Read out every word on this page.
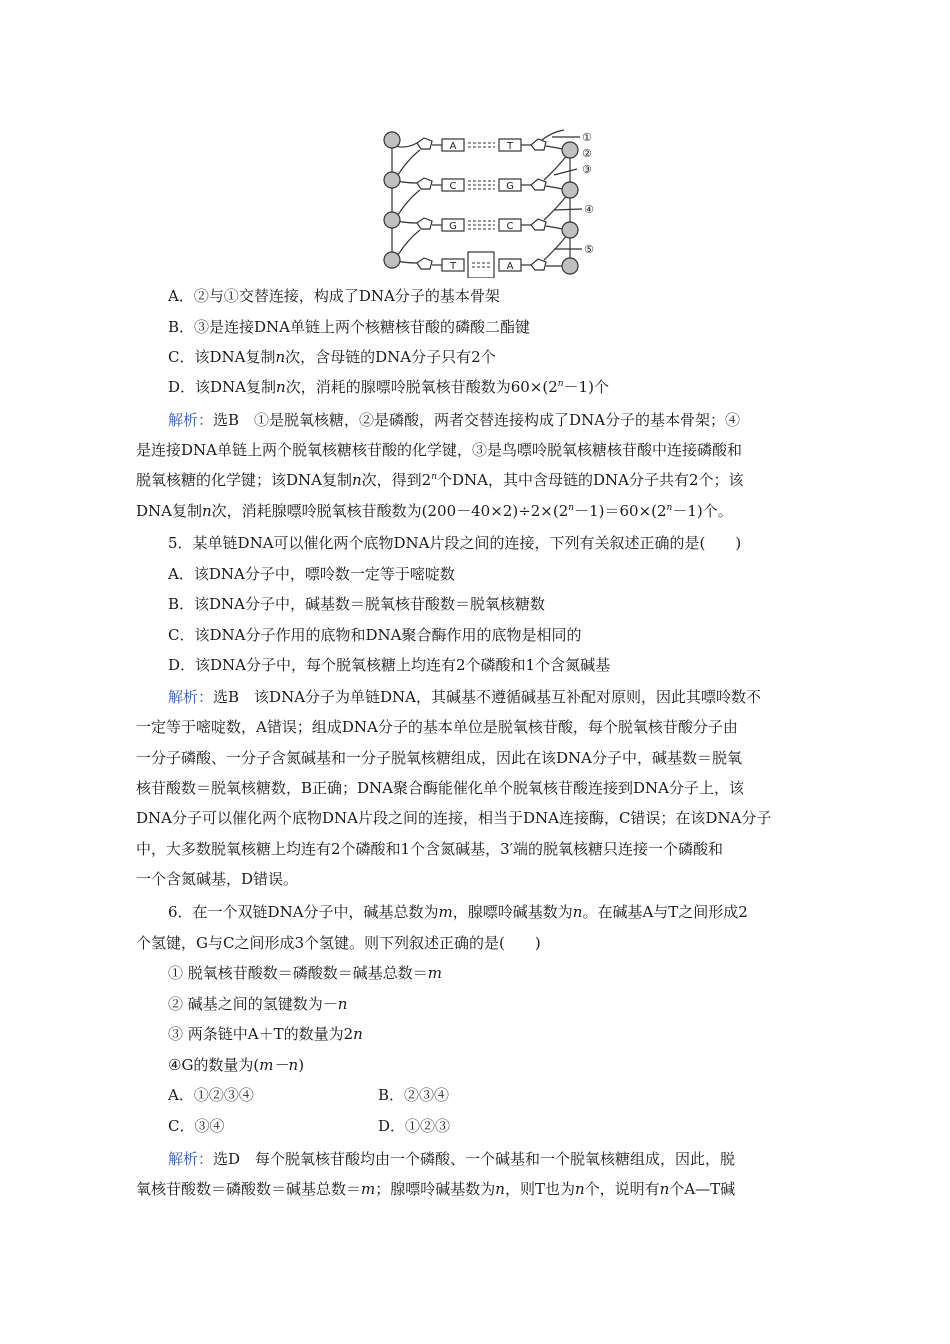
A
C
G
T
T
G
C
A
①
②
③
④
⑤
A．②与①交替连接，构成了DNA分子的基本骨架
B．③是连接DNA单链上两个核糖核苷酸的磷酸二酯键
C．该DNA复制n次，含母链的DNA分子只有2个
D．该DNA复制n次，消耗的腺嘌呤脱氧核苷酸数为$60\times(2^n-1)$个
解析：选B　①是脱氧核糖，②是磷酸，两者交替连接构成了DNA分子的基本骨架；④
是连接DNA单链上两个脱氧核糖核苷酸的化学键，③是鸟嘌呤脱氧核糖核苷酸中连接磷酸和
脱氧核糖的化学键；该DNA复制n次，得到2$^n$个DNA，其中含母链的DNA分子共有2个；该
DNA复制n次，消耗腺嘌呤脱氧核苷酸数为$(200-40\times 2)\div 2\times(2^n-1)=60\times(2^n-1)$个。
5．某单链DNA可以催化两个底物DNA片段之间的连接，下列有关叙述正确的是(　　)
A．该DNA分子中，嘌呤数一定等于嘧啶数
B．该DNA分子中，碱基数＝脱氧核苷酸数＝脱氧核糖数
C．该DNA分子作用的底物和DNA聚合酶作用的底物是相同的
D．该DNA分子中，每个脱氧核糖上均连有2个磷酸和1个含氮碱基
解析：选B　该DNA分子为单链DNA，其碱基不遵循碱基互补配对原则，因此其嘌呤数不
一定等于嘧啶数，A错误；组成DNA分子的基本单位是脱氧核苷酸，每个脱氧核苷酸分子由
一分子磷酸、一分子含氮碱基和一分子脱氧核糖组成，因此在该DNA分子中，碱基数＝脱氧
核苷酸数＝脱氧核糖数，B正确；DNA聚合酶能催化单个脱氧核苷酸连接到DNA分子上，该
DNA分子可以催化两个底物DNA片段之间的连接，相当于DNA连接酶，C错误；在该DNA分子
中，大多数脱氧核糖上均连有2个磷酸和1个含氮碱基，3′端的脱氧核糖只连接一个磷酸和
一个含氮碱基，D错误。
6．在一个双链DNA分子中，碱基总数为m，腺嘌呤碱基数为n。在碱基A与T之间形成2
个氢键，G与C之间形成3个氢键。则下列叙述正确的是(　　)
① 脱氧核苷酸数＝磷酸数＝碱基总数＝m
② 碱基之间的氢键数为－n
③ 两条链中A＋T的数量为2n
④G的数量为(m－n)
A．①②③④	B．②③④
C．③④	D．①②③
解析：选D　每个脱氧核苷酸均由一个磷酸、一个碱基和一个脱氧核糖组成，因此，脱
氧核苷酸数＝磷酸数＝碱基总数＝m；腺嘌呤碱基数为n，则T也为n个，说明有n个A—T碱
